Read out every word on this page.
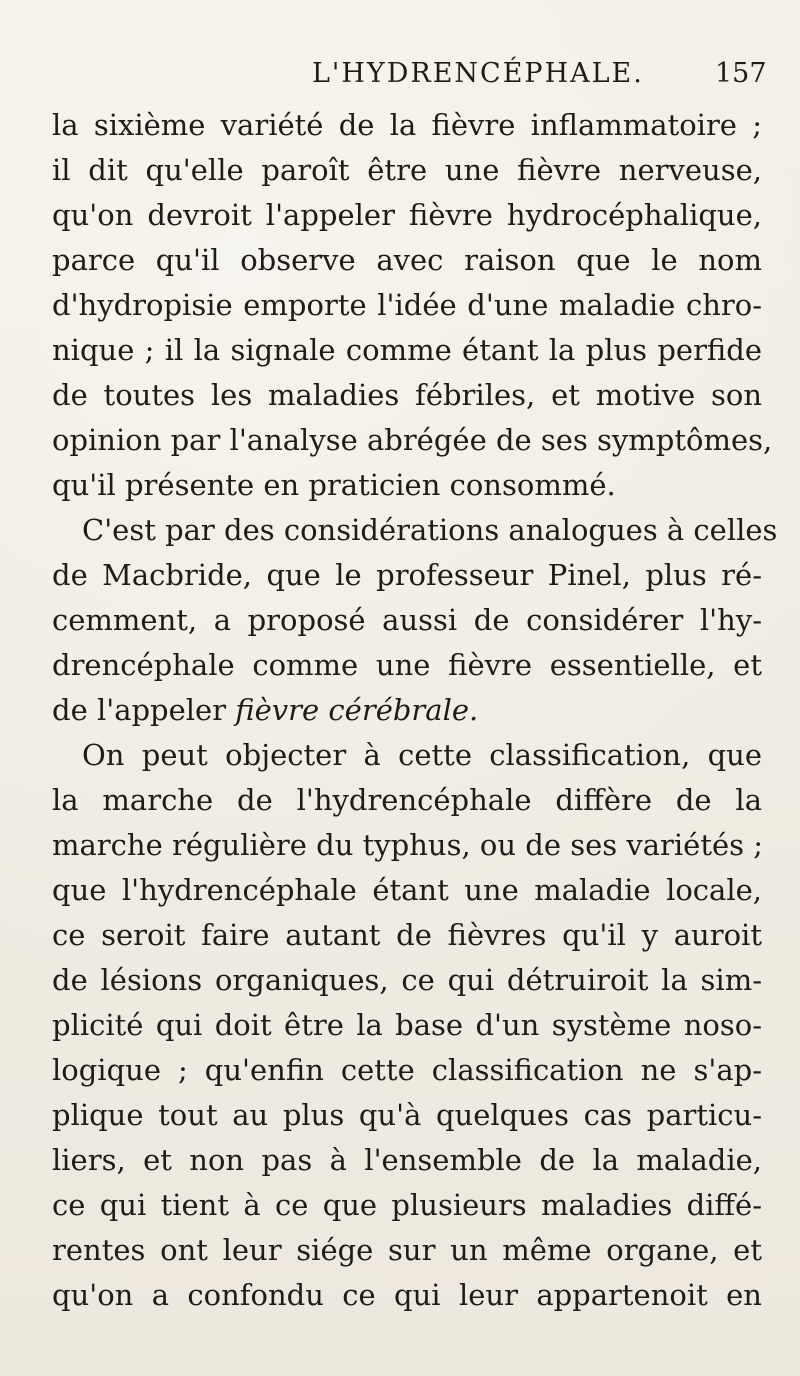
L'HYDRENCÉPHALE.	157
la sixième variété de la fièvre inflammatoire ;
il dit qu'elle paroît être une fièvre nerveuse,
qu'on devroit l'appeler fièvre hydrocéphalique,
parce qu'il observe avec raison que le nom
d'hydropisie emporte l'idée d'une maladie chro-
nique ; il la signale comme étant la plus perfide
de toutes les maladies fébriles, et motive son
opinion par l'analyse abrégée de ses symptômes,
qu'il présente en praticien consommé.
C'est par des considérations analogues à celles
de Macbride, que le professeur Pinel, plus ré-
cemment, a proposé aussi de considérer l'hy-
drencéphale comme une fièvre essentielle, et
de l'appeler fièvre cérébrale.
On peut objecter à cette classification, que
la marche de l'hydrencéphale diffère de la
marche régulière du typhus, ou de ses variétés ;
que l'hydrencéphale étant une maladie locale,
ce seroit faire autant de fièvres qu'il y auroit
de lésions organiques, ce qui détruiroit la sim-
plicité qui doit être la base d'un système noso-
logique ; qu'enfin cette classification ne s'ap-
plique tout au plus qu'à quelques cas particu-
liers, et non pas à l'ensemble de la maladie,
ce qui tient à ce que plusieurs maladies diffé-
rentes ont leur siége sur un même organe, et
qu'on a confondu ce qui leur appartenoit en
